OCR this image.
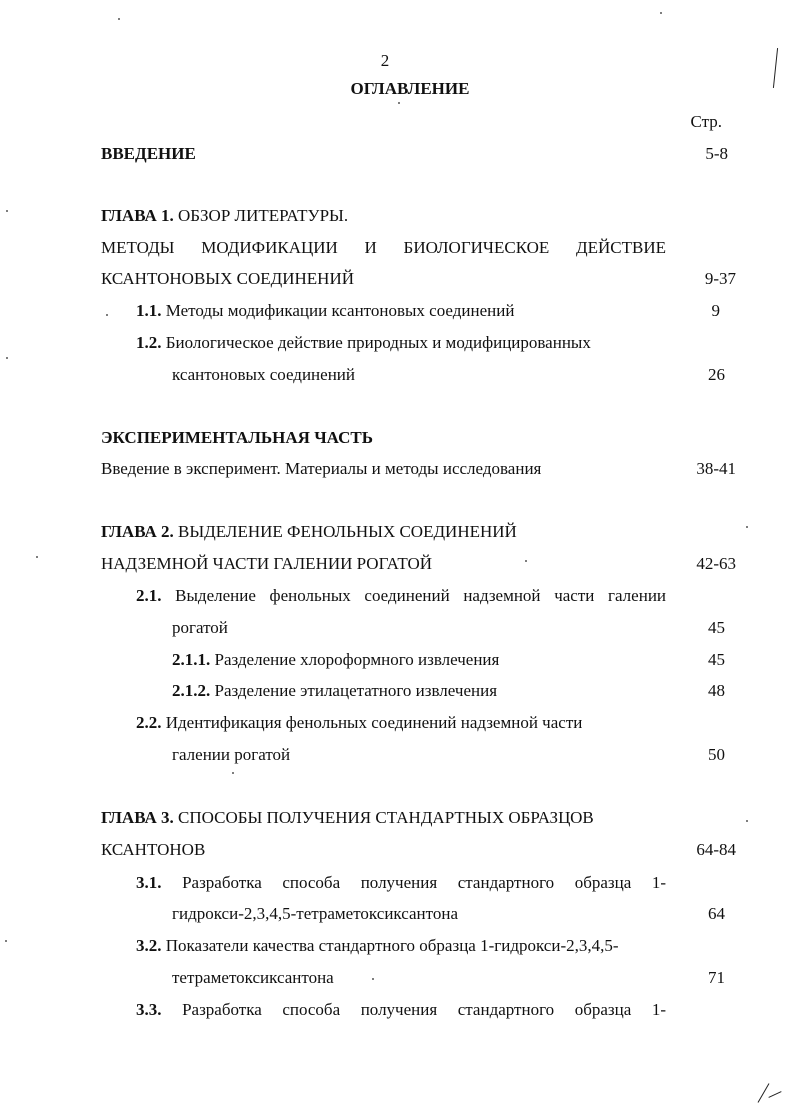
2
ОГЛАВЛЕНИЕ
Стр.
ВВЕДЕНИЕ	5-8
ГЛАВА 1. ОБЗОР ЛИТЕРАТУРЫ.
МЕТОДЫ МОДИФИКАЦИИ И БИОЛОГИЧЕСКОЕ ДЕЙСТВИЕ
КСАНТОНОВЫХ СОЕДИНЕНИЙ	9-37
1.1. Методы модификации ксантоновых соединений	9
1.2. Биологическое действие природных и модифицированных
ксантоновых соединений	26
ЭКСПЕРИМЕНТАЛЬНАЯ ЧАСТЬ
Введение в эксперимент. Материалы и методы исследования	38-41
ГЛАВА 2. ВЫДЕЛЕНИЕ ФЕНОЛЬНЫХ СОЕДИНЕНИЙ
НАДЗЕМНОЙ ЧАСТИ ГАЛЕНИИ РОГАТОЙ	42-63
2.1. Выделение фенольных соединений надземной части галении
рогатой	45
2.1.1. Разделение хлороформного извлечения	45
2.1.2. Разделение этилацетатного извлечения	48
2.2. Идентификация фенольных соединений надземной части
галении рогатой	50
ГЛАВА 3. СПОСОБЫ ПОЛУЧЕНИЯ СТАНДАРТНЫХ ОБРАЗЦОВ
КСАНТОНОВ	64-84
3.1. Разработка способа получения стандартного образца 1-
гидрокси-2,3,4,5-тетраметоксиксантона	64
3.2. Показатели качества стандартного образца 1-гидрокси-2,3,4,5-
тетраметоксиксантона	71
3.3. Разработка способа получения стандартного образца 1-
